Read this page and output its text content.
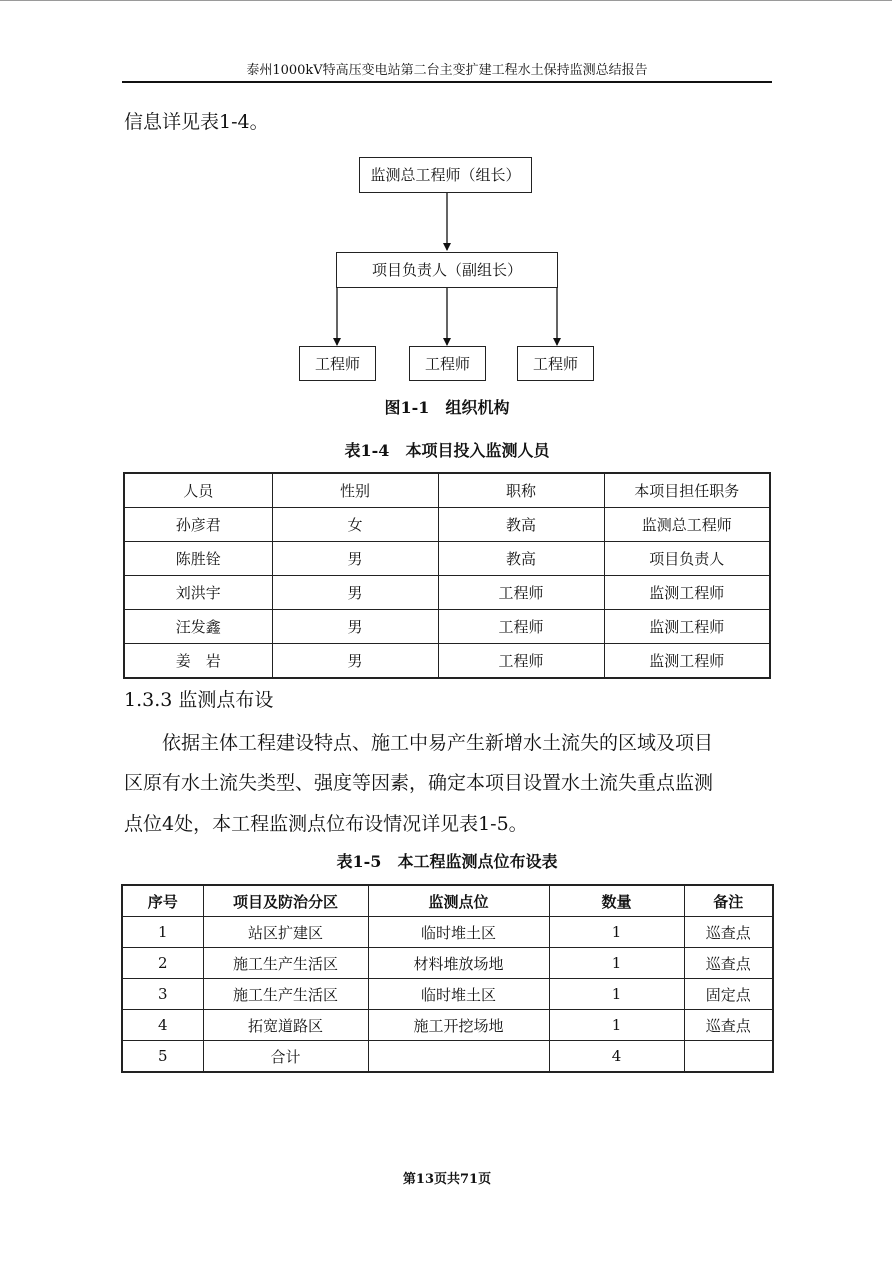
泰州1000kV特高压变电站第二台主变扩建工程水土保持监测总结报告
信息详见表1-4。
监测总工程师（组长）
项目负责人（副组长）
工程师	工程师	工程师
图1-1　组织机构
表1-4　本项目投入监测人员
人员	性别	职称	本项目担任职务
孙彦君	女	教高	监测总工程师
陈胜铨	男	教高	项目负责人
刘洪宇	男	工程师	监测工程师
汪发鑫	男	工程师	监测工程师
姜　岩	男	工程师	监测工程师
1.3.3 监测点布设
　　依据主体工程建设特点、施工中易产生新增水土流失的区域及项目
区原有水土流失类型、强度等因素，确定本项目设置水土流失重点监测
点位4处，本工程监测点位布设情况详见表1-5。
表1-5　本工程监测点位布设表
序号	项目及防治分区	监测点位	数量	备注
1	站区扩建区	临时堆土区	1	巡查点
2	施工生产生活区	材料堆放场地	1	巡查点
3	施工生产生活区	临时堆土区	1	固定点
4	拓宽道路区	施工开挖场地	1	巡查点
5	合计		4	
第13页共71页
